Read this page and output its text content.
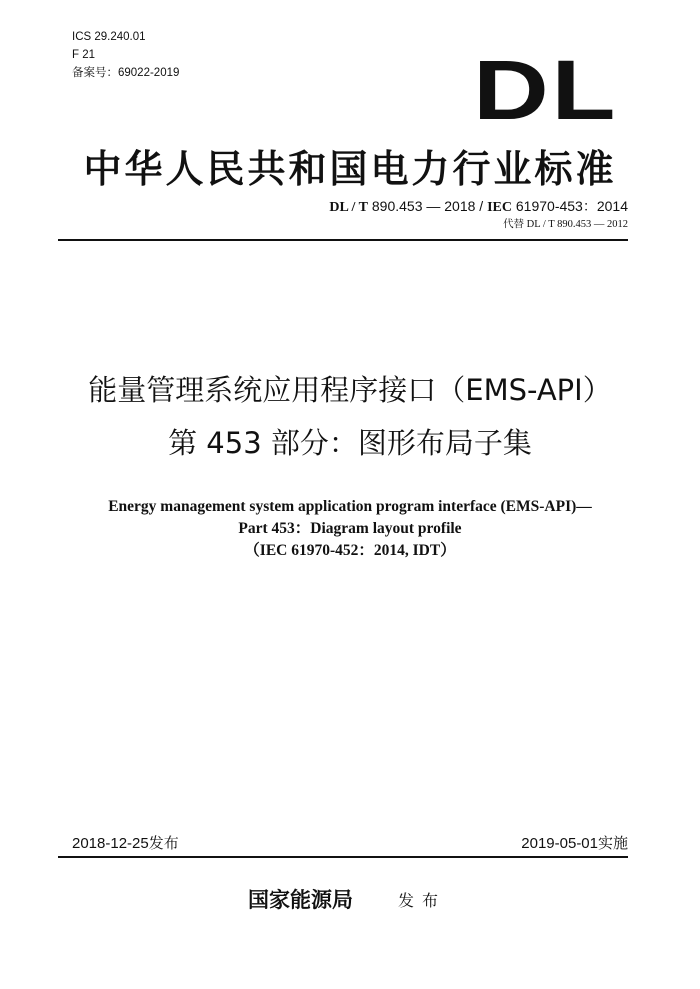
ICS 29.240.01
F 21
备案号：69022-2019	DL
中华人民共和国电力行业标准
DL / T 890.453 — 2018 / IEC 61970-453：2014
代替 DL / T 890.453 — 2012
能量管理系统应用程序接口（EMS-API）
第 453 部分：图形布局子集
Energy management system application program interface (EMS-API)—
Part 453：Diagram layout profile
（IEC 61970-452：2014, IDT）
2018-12-25发布	2019-05-01实施
国家能源局	发布
